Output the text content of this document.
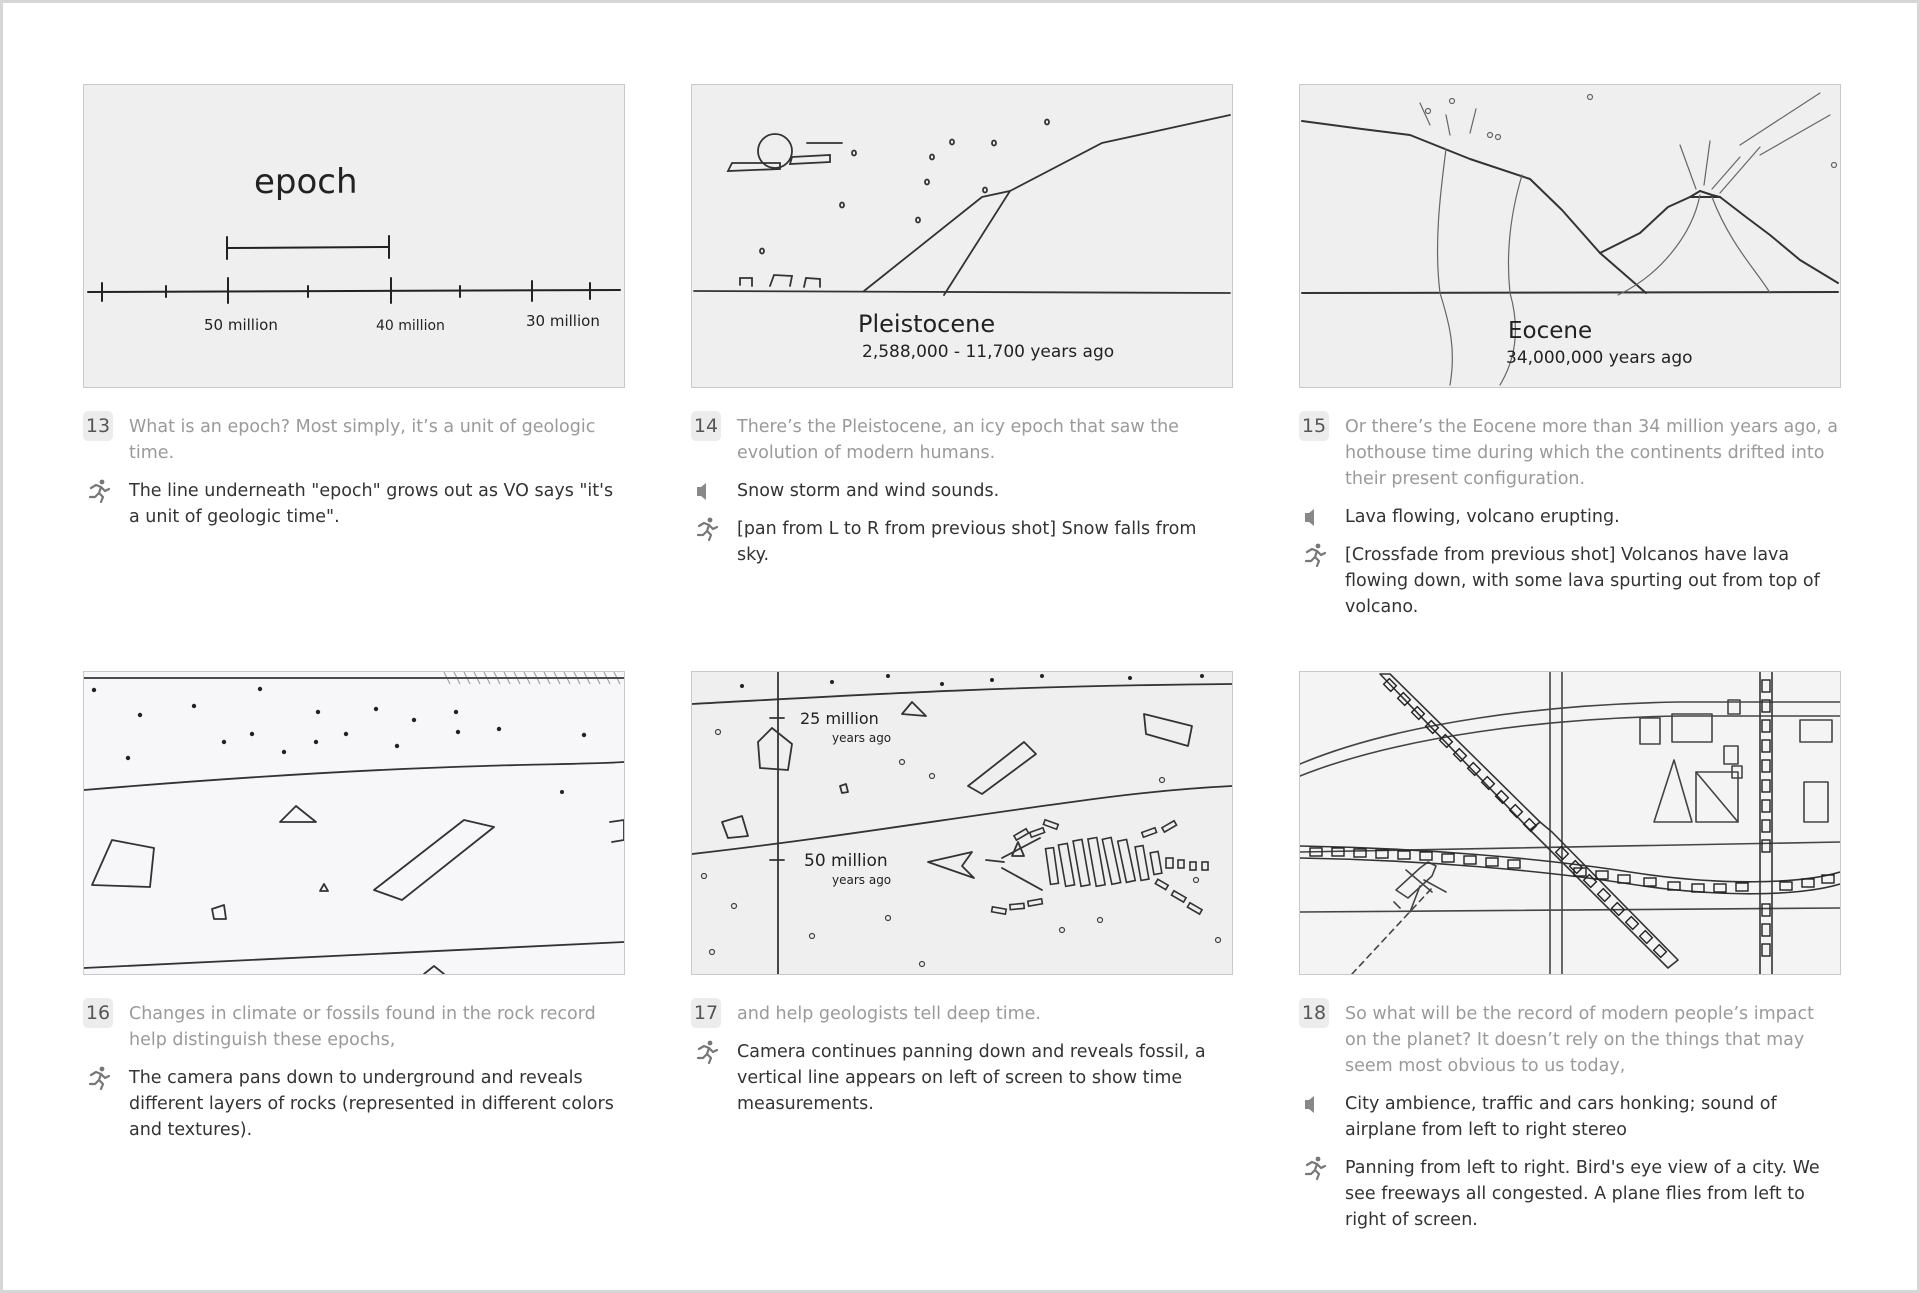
epoch
50 million	40 million	30 million
13 What is an epoch? Most simply, it’s a unit of geologic time.

The line underneath "epoch" grows out as VO says "it's a unit of geologic time".
Pleistocene
2,588,000 - 11,700 years ago
14 There’s the Pleistocene, an icy epoch that saw the evolution of modern humans.

Snow storm and wind sounds.
[pan from L to R from previous shot] Snow falls from sky.
Eocene
34,000,000 years ago
15 Or there’s the Eocene more than 34 million years ago, a hothouse time during which the continents drifted into their present configuration.

Lava flowing, volcano erupting.
[Crossfade from previous shot] Volcanos have lava flowing down, with some lava spurting out from top of volcano.
16 Changes in climate or fossils found in the rock record help distinguish these epochs,

The camera pans down to underground and reveals different layers of rocks (represented in different colors and textures).
25 million
years ago
50 million
years ago
17 and help geologists tell deep time.

Camera continues panning down and reveals fossil, a vertical line appears on left of screen to show time measurements.
18 So what will be the record of modern people’s impact on the planet? It doesn’t rely on the things that may seem most obvious to us today,

City ambience, traffic and cars honking; sound of airplane from left to right stereo
Panning from left to right. Bird's eye view of a city. We see freeways all congested. A plane flies from left to right of screen.
